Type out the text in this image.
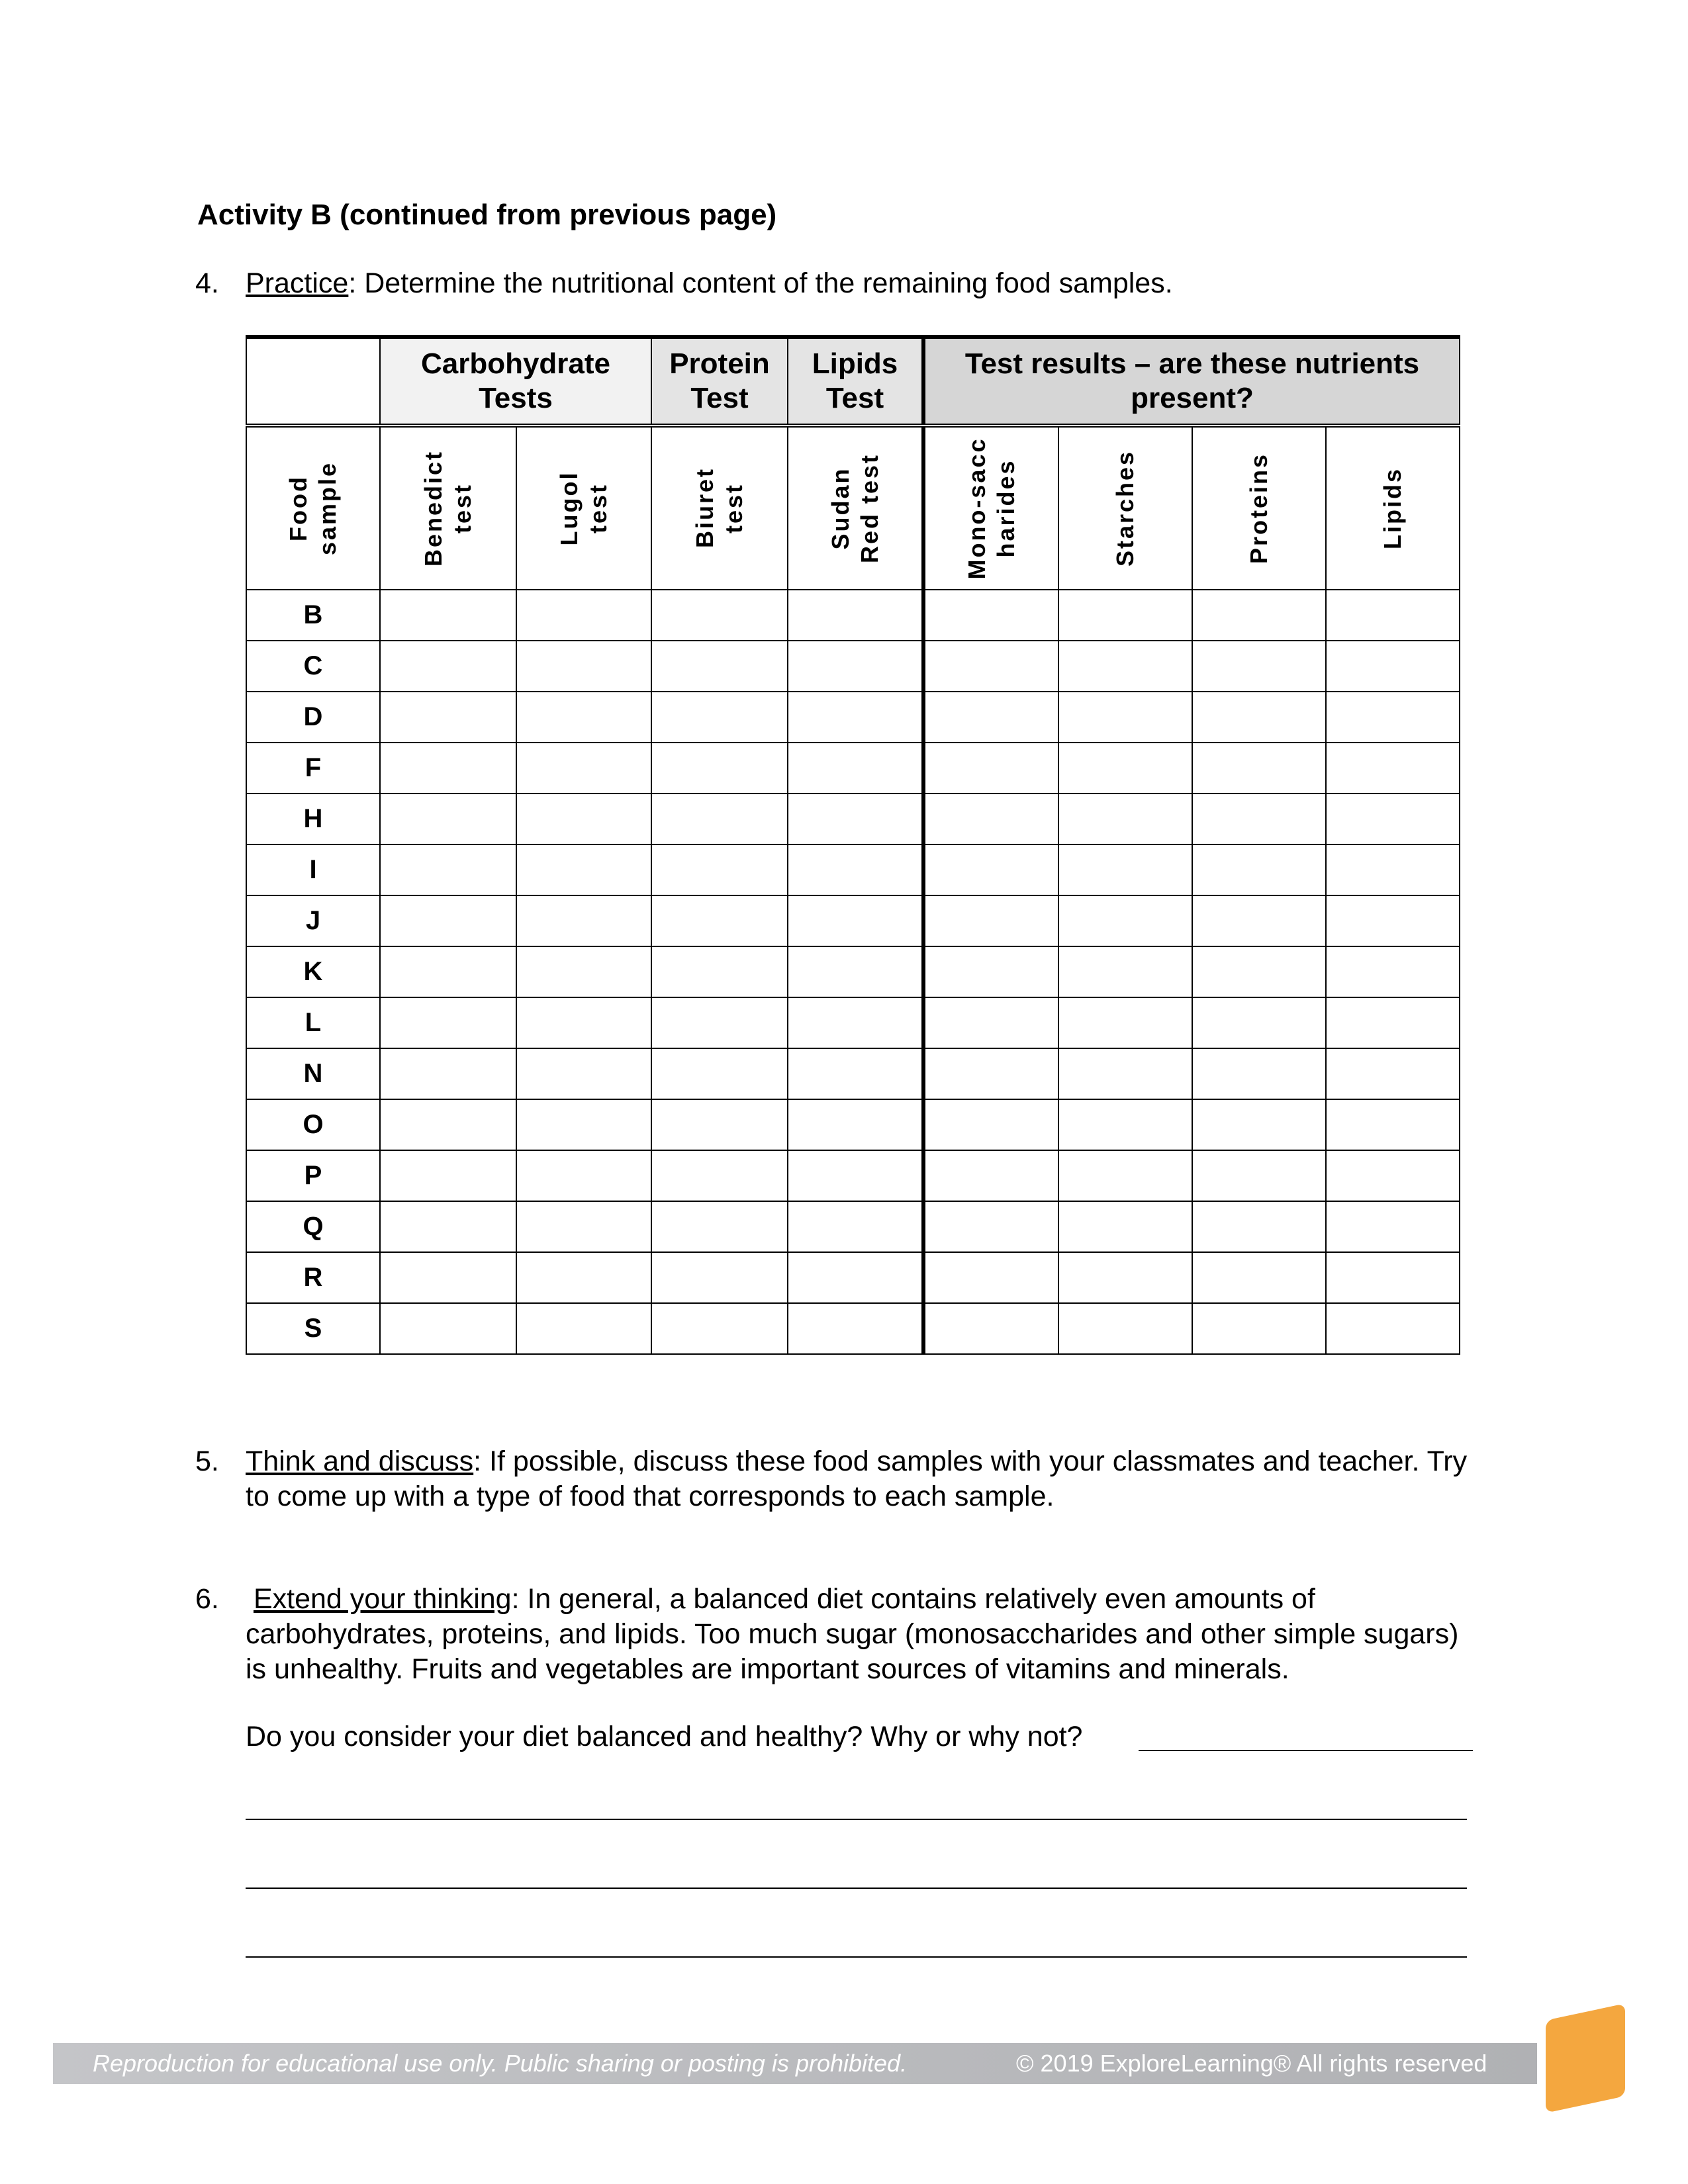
Activity B (continued from previous page)
4. Practice: Determine the nutritional content of the remaining food samples.
	Carbohydrate Tests		Protein Test	Lipids Test	Test results – are these nutrients present?			

Food sample	Benedict test	Lugol test	Biuret test	Sudan Red test	Mono-saccharides	Starches	Proteins	Lipids

B								
C								
D								
F								
H								
I								
J								
K								
L								
N								
O								
P								
Q								
R								
S								
5. Think and discuss: If possible, discuss these food samples with your classmates and teacher. Try to come up with a type of food that corresponds to each sample.
6. Extend your thinking: In general, a balanced diet contains relatively even amounts of carbohydrates, proteins, and lipids. Too much sugar (monosaccharides and other simple sugars) is unhealthy. Fruits and vegetables are important sources of vitamins and minerals.
Do you consider your diet balanced and healthy? Why or why not?
Reproduction for educational use only. Public sharing or posting is prohibited.	© 2019 ExploreLearning® All rights reserved
